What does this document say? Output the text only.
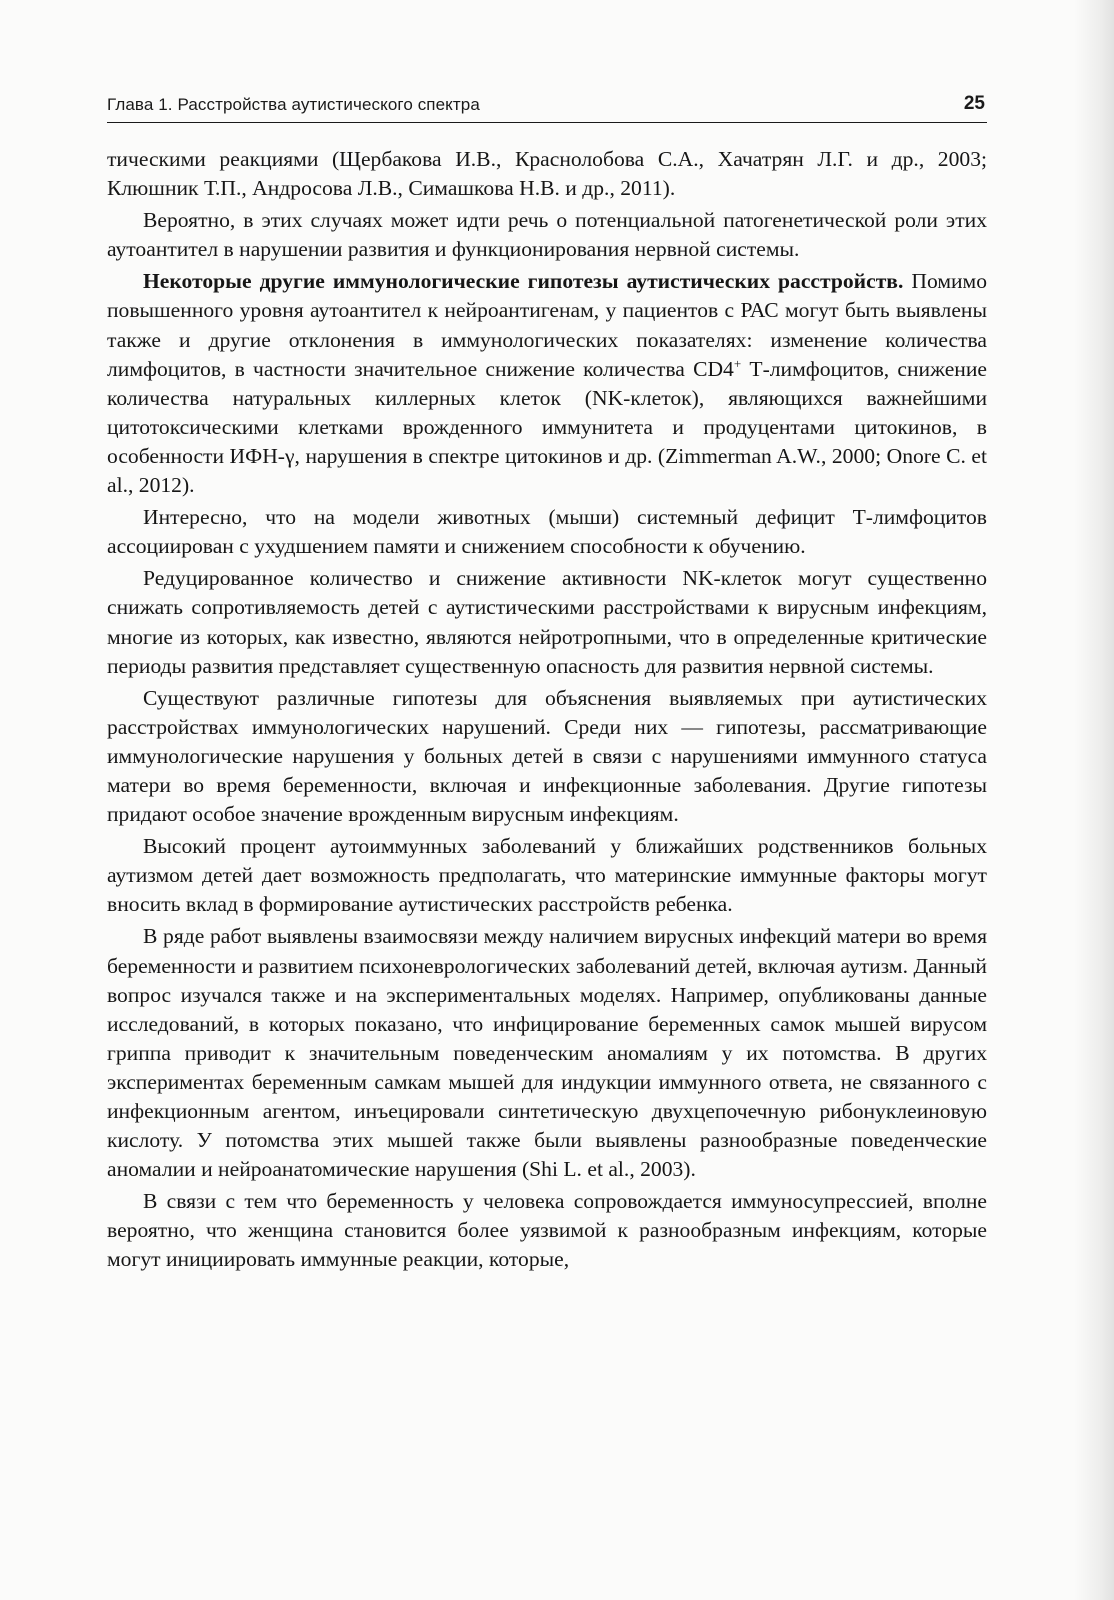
Глава 1. Расстройства аутистического спектра	25

тическими реакциями (Щербакова И.В., Краснолобова С.А., Хачатрян Л.Г. и др., 2003; Клюшник Т.П., Андросова Л.В., Симашкова Н.В. и др., 2011).

Вероятно, в этих случаях может идти речь о потенциальной патогенетической роли этих аутоантител в нарушении развития и функционирования нервной системы.

Некоторые другие иммунологические гипотезы аутистических расстройств. Помимо повышенного уровня аутоантител к нейроантигенам, у пациентов с РАС могут быть выявлены также и другие отклонения в иммунологических показателях: изменение количества лимфоцитов, в частности значительное снижение количества CD4+ Т-лимфоцитов, снижение количества натуральных киллерных клеток (NK-клеток), являющихся важнейшими цитотоксическими клетками врожденного иммунитета и продуцентами цитокинов, в особенности ИФН-γ, нарушения в спектре цитокинов и др. (Zimmerman A.W., 2000; Onore C. et al., 2012).

Интересно, что на модели животных (мыши) системный дефицит Т-лимфоцитов ассоциирован с ухудшением памяти и снижением способности к обучению.

Редуцированное количество и снижение активности NK-клеток могут существенно снижать сопротивляемость детей с аутистическими расстройствами к вирусным инфекциям, многие из которых, как известно, являются нейротропными, что в определенные критические периоды развития представляет существенную опасность для развития нервной системы.

Существуют различные гипотезы для объяснения выявляемых при аутистических расстройствах иммунологических нарушений. Среди них — гипотезы, рассматривающие иммунологические нарушения у больных детей в связи с нарушениями иммунного статуса матери во время беременности, включая и инфекционные заболевания. Другие гипотезы придают особое значение врожденным вирусным инфекциям.

Высокий процент аутоиммунных заболеваний у ближайших родственников больных аутизмом детей дает возможность предполагать, что материнские иммунные факторы могут вносить вклад в формирование аутистических расстройств ребенка.

В ряде работ выявлены взаимосвязи между наличием вирусных инфекций матери во время беременности и развитием психоневрологических заболеваний детей, включая аутизм. Данный вопрос изучался также и на экспериментальных моделях. Например, опубликованы данные исследований, в которых показано, что инфицирование беременных самок мышей вирусом гриппа приводит к значительным поведенческим аномалиям у их потомства. В других экспериментах беременным самкам мышей для индукции иммунного ответа, не связанного с инфекционным агентом, инъецировали синтетическую двухцепочечную рибонуклеиновую кислоту. У потомства этих мышей также были выявлены разнообразные поведенческие аномалии и нейроанатомические нарушения (Shi L. et al., 2003).

В связи с тем что беременность у человека сопровождается иммуносупрессией, вполне вероятно, что женщина становится более уязвимой к разнообразным инфекциям, которые могут инициировать иммунные реакции, которые,
